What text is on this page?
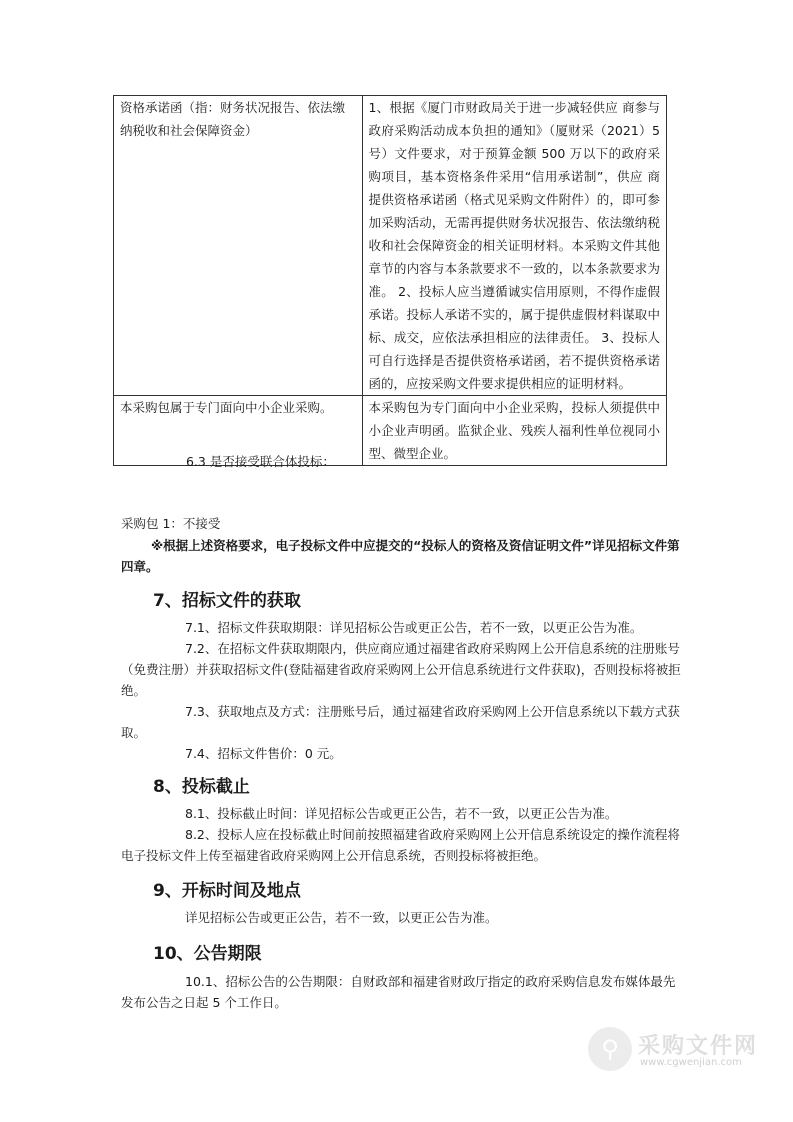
资格承诺函（指：财务状况报告、依法缴纳税收和社会保障资金）	1、根据《厦门市财政局关于进一步减轻供应 商参与政府采购活动成本负担的通知》（厦财采（2021）5 号）文件要求，对于预算金额 500 万以下的政府采购项目，基本资格条件采用“信用承诺制”，供应 商提供资格承诺函（格式见采购文件附件）的，即可参加采购活动，无需再提供财务状况报告、依法缴纳税收和社会保障资金的相关证明材料。本采购文件其他章节的内容与本条款要求不一致的，以本条款要求为准。 2、投标人应当遵循诚实信用原则，不得作虚假承诺。投标人承诺不实的，属于提供虚假材料谋取中标、成交，应依法承担相应的法律责任。 3、投标人可自行选择是否提供资格承诺函，若不提供资格承诺函的，应按采购文件要求提供相应的证明材料。
本采购包属于专门面向中小企业采购。	本采购包为专门面向中小企业采购，投标人须提供中小企业声明函。监狱企业、残疾人福利性单位视同小型、微型企业。

6.3 是否接受联合体投标：

采购包 1：不接受

※根据上述资格要求，电子投标文件中应提交的“投标人的资格及资信证明文件”详见招标文件第四章。

7、招标文件的获取

7.1、招标文件获取期限：详见招标公告或更正公告，若不一致，以更正公告为准。

7.2、在招标文件获取期限内，供应商应通过福建省政府采购网上公开信息系统的注册账号（免费注册）并获取招标文件(登陆福建省政府采购网上公开信息系统进行文件获取)，否则投标将被拒绝。

7.3、获取地点及方式：注册账号后，通过福建省政府采购网上公开信息系统以下载方式获取。

7.4、招标文件售价：0 元。

8、投标截止

8.1、投标截止时间：详见招标公告或更正公告，若不一致，以更正公告为准。

8.2、投标人应在投标截止时间前按照福建省政府采购网上公开信息系统设定的操作流程将电子投标文件上传至福建省政府采购网上公开信息系统，否则投标将被拒绝。

9、开标时间及地点

详见招标公告或更正公告，若不一致，以更正公告为准。

10、公告期限

10.1、招标公告的公告期限：自财政部和福建省财政厅指定的政府采购信息发布媒体最先发布公告之日起 5 个工作日。

⚲ 采购文件网
www.cgwenjian.com
